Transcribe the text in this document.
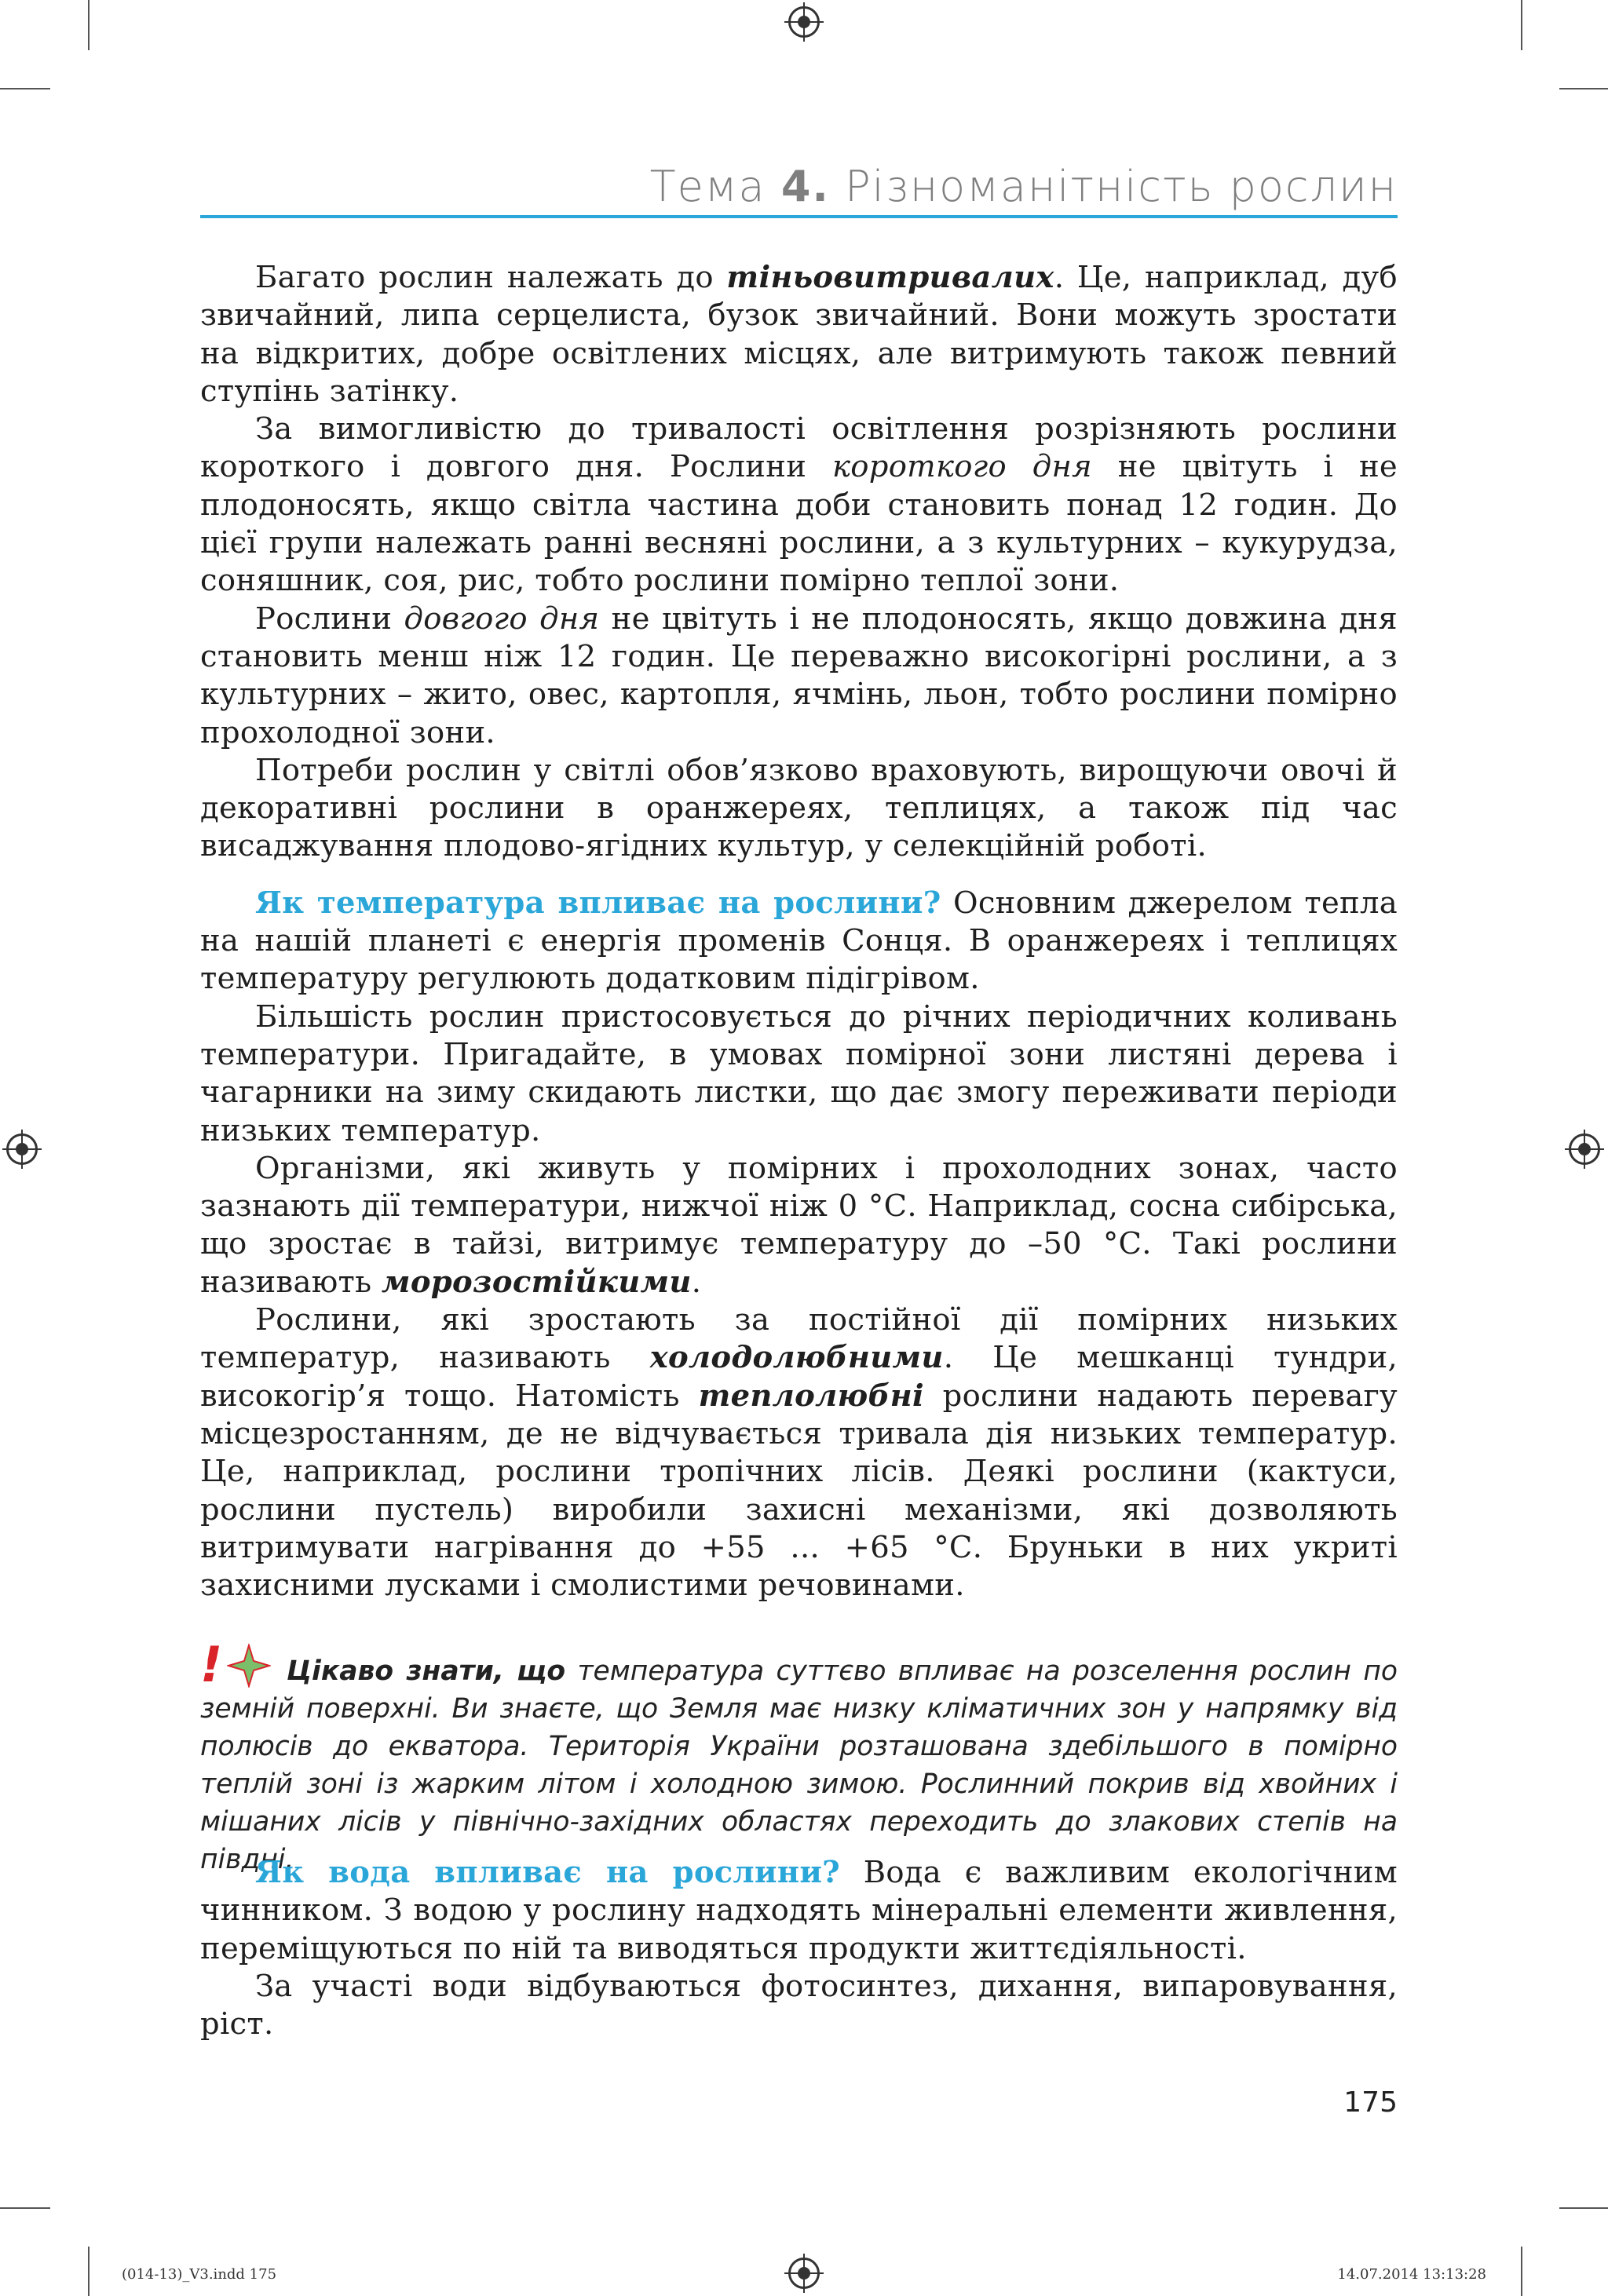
Тема 4. Різноманітність рослин

Багато рослин належать до тіньовитривалих. Це, наприклад, дуб звичайний, липа серцелиста, бузок звичайний. Вони можуть зростати на відкритих, добре освітлених місцях, але витримують також певний ступінь затінку.

За вимогливістю до тривалості освітлення розрізняють рослини короткого і довгого дня. Рослини короткого дня не цвітуть і не плодоносять, якщо світла частина доби становить понад 12 годин. До цієї групи належать ранні весняні рослини, а з культурних – кукурудза, соняшник, соя, рис, тобто рослини помірно теплої зони.

Рослини довгого дня не цвітуть і не плодоносять, якщо довжина дня становить менш ніж 12 годин. Це переважно високогірні рослини, а з культурних – жито, овес, картопля, ячмінь, льон, тобто рослини помірно прохолодної зони.

Потреби рослин у світлі обов’язково враховують, вирощуючи овочі й декоративні рослини в оранжереях, теплицях, а також під час висаджування плодово-ягідних культур, у селекційній роботі.

Як температура впливає на рослини? Основним джерелом тепла на нашій планеті є енергія променів Сонця. В оранжереях і теплицях температуру регулюють додатковим підігрівом.

Більшість рослин пристосовується до річних періодичних коливань температури. Пригадайте, в умовах помірної зони листяні дерева і чагарники на зиму скидають листки, що дає змогу переживати періоди низьких температур.

Організми, які живуть у помірних і прохолодних зонах, часто зазнають дії температури, нижчої ніж 0 °С. Наприклад, сосна сибірська, що зростає в тайзі, витримує температуру до –50 °С. Такі рослини називають морозостійкими.

Рослини, які зростають за постійної дії помірних низьких температур, називають холодолюбними. Це мешканці тундри, високогір’я тощо. Натомість теплолюбні рослини надають перевагу місцезростанням, де не відчувається тривала дія низьких температур. Це, наприклад, рослини тропічних лісів. Деякі рослини (кактуси, рослини пустель) виробили захисні механізми, які дозволяють витримувати нагрівання до +55 ... +65 °С. Бруньки в них укриті захисними лусками і смолистими речовинами.

! Цікаво знати, що температура суттєво впливає на розселення рослин по земній поверхні. Ви знаєте, що Земля має низку кліматичних зон у напрямку від полюсів до екватора. Територія України розташована здебільшого в помірно теплій зоні із жарким літом і холодною зимою. Рослинний покрив від хвойних і мішаних лісів у північно-західних областях переходить до злакових степів на півдні.

Як вода впливає на рослини? Вода є важливим екологічним чинником. З водою у рослину надходять мінеральні елементи живлення, переміщуються по ній та виводяться продукти життєдіяльності.

За участі води відбуваються фотосинтез, дихання, випаровування, ріст.

175
(014-13)_V3.indd 175	14.07.2014 13:13:28
